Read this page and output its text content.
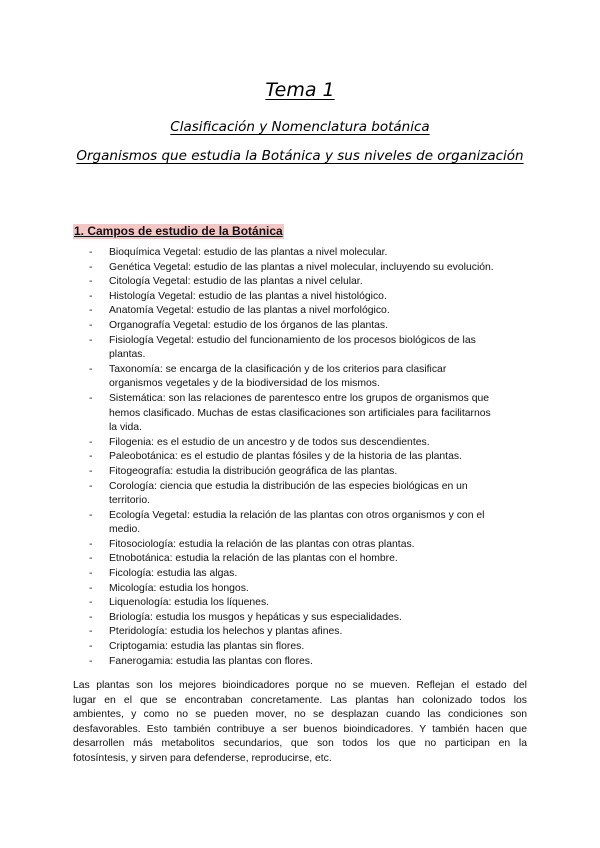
Tema 1
Clasificación y Nomenclatura botánica
Organismos que estudia la Botánica y sus niveles de organización
1. Campos de estudio de la Botánica
- Bioquímica Vegetal: estudio de las plantas a nivel molecular.
- Genética Vegetal: estudio de las plantas a nivel molecular, incluyendo su evolución.
- Citología Vegetal: estudio de las plantas a nivel celular.
- Histología Vegetal: estudio de las plantas a nivel histológico.
- Anatomía Vegetal: estudio de las plantas a nivel morfológico.
- Organografía Vegetal: estudio de los órganos de las plantas.
- Fisiología Vegetal: estudio del funcionamiento de los procesos biológicos de las
plantas.
- Taxonomía: se encarga de la clasificación y de los criterios para clasificar
organismos vegetales y de la biodiversidad de los mismos.
- Sistemática: son las relaciones de parentesco entre los grupos de organismos que
hemos clasificado. Muchas de estas clasificaciones son artificiales para facilitarnos
la vida.
- Filogenia: es el estudio de un ancestro y de todos sus descendientes.
- Paleobotánica: es el estudio de plantas fósiles y de la historia de las plantas.
- Fitogeografía: estudia la distribución geográfica de las plantas.
- Corología: ciencia que estudia la distribución de las especies biológicas en un
territorio.
- Ecología Vegetal: estudia la relación de las plantas con otros organismos y con el
medio.
- Fitosociología: estudia la relación de las plantas con otras plantas.
- Etnobotánica: estudia la relación de las plantas con el hombre.
- Ficología: estudia las algas.
- Micología: estudia los hongos.
- Liquenología: estudia los líquenes.
- Briología: estudia los musgos y hepáticas y sus especialidades.
- Pteridología: estudia los helechos y plantas afines.
- Criptogamia: estudia las plantas sin flores.
- Fanerogamia: estudia las plantas con flores.
Las plantas son los mejores bioindicadores porque no se mueven. Reflejan el estado del
lugar en el que se encontraban concretamente. Las plantas han colonizado todos los
ambientes, y como no se pueden mover, no se desplazan cuando las condiciones son
desfavorables. Esto también contribuye a ser buenos bioindicadores. Y también hacen que
desarrollen más metabolitos secundarios, que son todos los que no participan en la
fotosíntesis, y sirven para defenderse, reproducirse, etc.
